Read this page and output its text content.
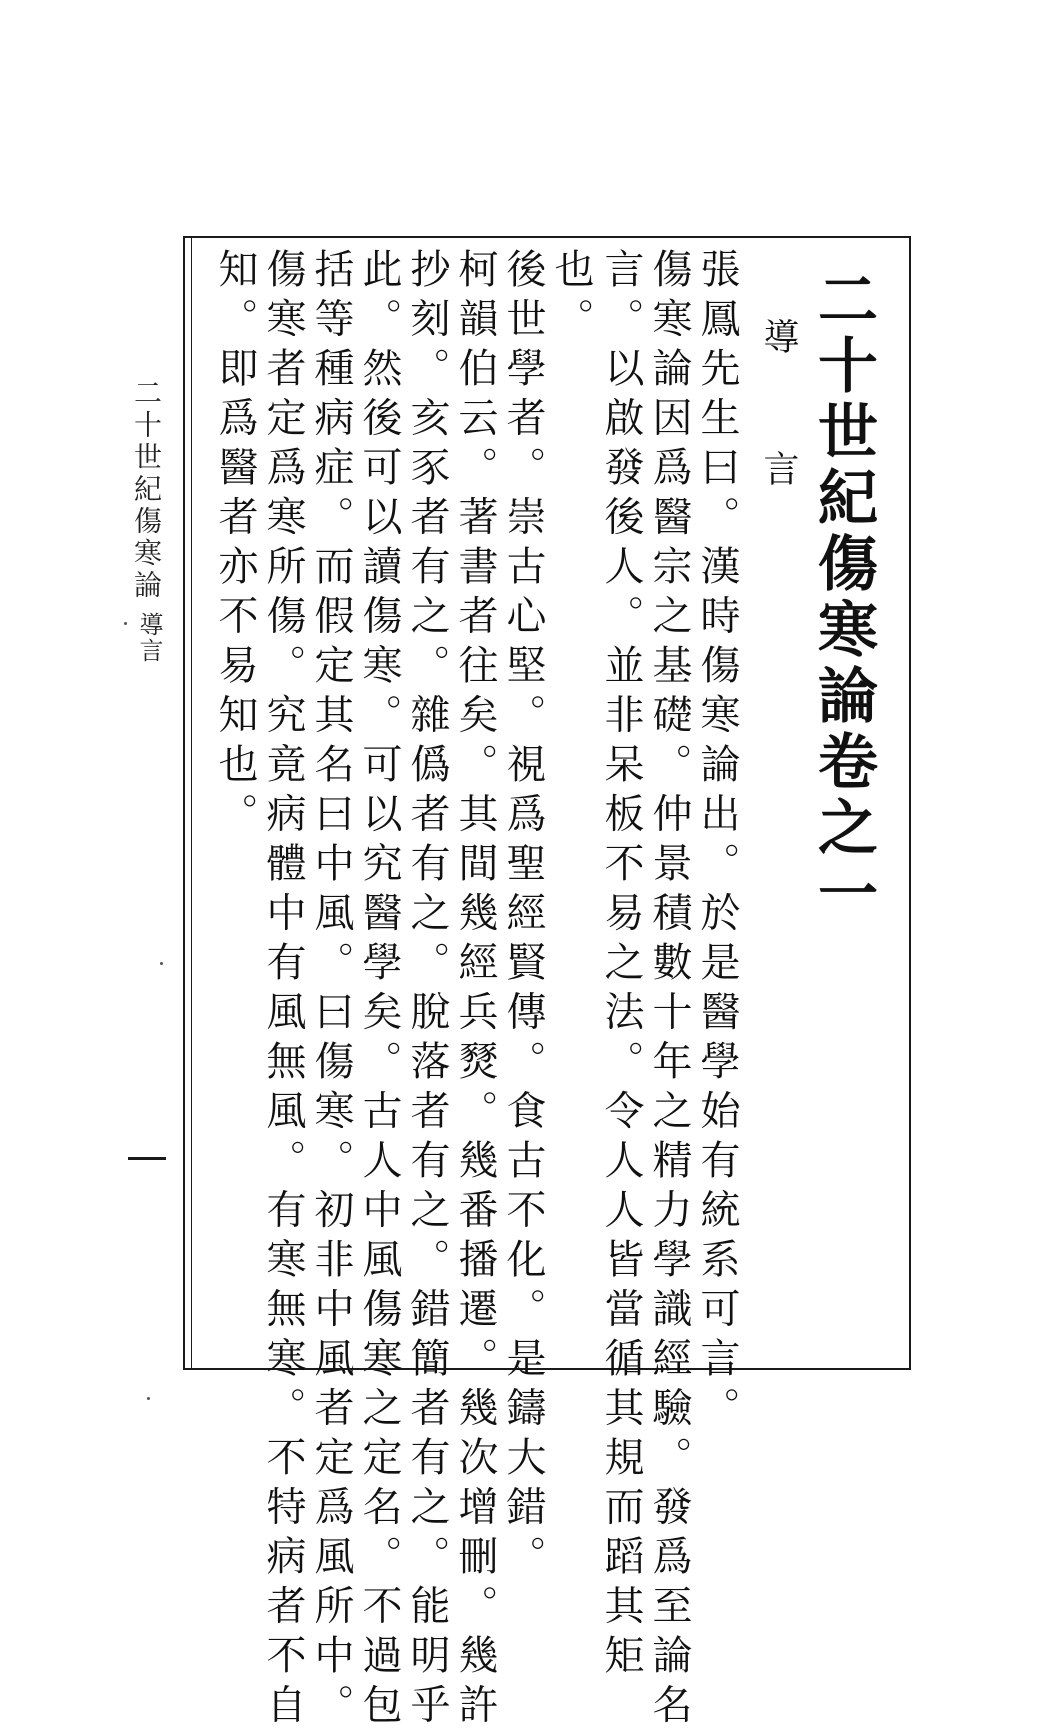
二十世紀傷寒論卷之一
導　言
張鳳先生曰。漢時傷寒論出。於是醫學始有統系可言。
傷寒論因爲醫宗之基礎。仲景積數十年之精力學識經驗。發爲至論名
言。以啟發後人。並非呆板不易之法。令人人皆當循其規而蹈其矩
也。
後世學者。崇古心堅。視爲聖經賢傳。食古不化。是鑄大錯。
柯韻伯云。著書者往矣。其間幾經兵燹。幾番播遷。幾次增刪。幾許
抄刻。亥豕者有之。雜僞者有之。脫落者有之。錯簡者有之。能明乎
此。然後可以讀傷寒。可以究醫學矣。古人中風傷寒之定名。不過包
括等種病症。而假定其名曰中風。曰傷寒。初非中風者定爲風所中。
傷寒者定爲寒所傷。究竟病體中有風無風。有寒無寒。不特病者不自
知。即爲醫者亦不易知也。
二十世紀傷寒論
導言
